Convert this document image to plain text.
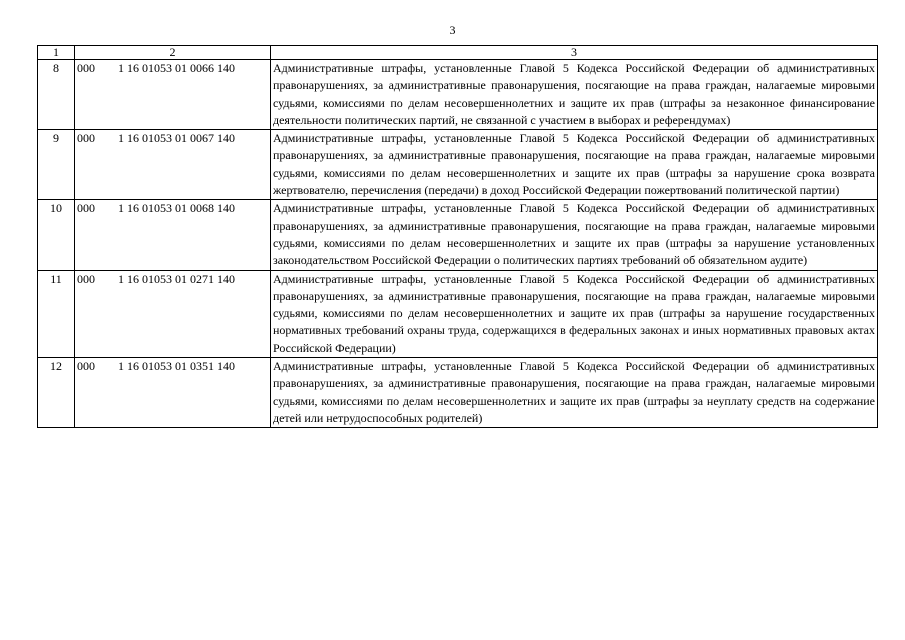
3
1	2	3
8	000 1 16 01053 01 0066 140	Административные штрафы, установленные Главой 5 Кодекса Российской Федерации об административных правонарушениях, за административные правонарушения, посягающие на права граждан, налагаемые мировыми судьями, комиссиями по делам несовершеннолетних и защите их прав (штрафы за незаконное финансирование деятельности политических партий, не связанной с участием в выборах и референдумах)
9	000 1 16 01053 01 0067 140	Административные штрафы, установленные Главой 5 Кодекса Российской Федерации об административных правонарушениях, за административные правонарушения, посягающие на права граждан, налагаемые мировыми судьями, комиссиями по делам несовершеннолетних и защите их прав (штрафы за нарушение срока возврата жертвователю, перечисления (передачи) в доход Российской Федерации пожертвований политической партии)
10	000 1 16 01053 01 0068 140	Административные штрафы, установленные Главой 5 Кодекса Российской Федерации об административных правонарушениях, за административные правонарушения, посягающие на права граждан, налагаемые мировыми судьями, комиссиями по делам несовершеннолетних и защите их прав (штрафы за нарушение установленных законодательством Российской Федерации о политических партиях требований об обязательном аудите)
11	000 1 16 01053 01 0271 140	Административные штрафы, установленные Главой 5 Кодекса Российской Федерации об административных правонарушениях, за административные правонарушения, посягающие на права граждан, налагаемые мировыми судьями, комиссиями по делам несовершеннолетних и защите их прав (штрафы за нарушение государственных нормативных требований охраны труда, содержащихся в федеральных законах и иных нормативных правовых актах Российской Федерации)
12	000 1 16 01053 01 0351 140	Административные штрафы, установленные Главой 5 Кодекса Российской Федерации об административных правонарушениях, за административные правонарушения, посягающие на права граждан, налагаемые мировыми судьями, комиссиями по делам несовершеннолетних и защите их прав (штрафы за неуплату средств на содержание детей или нетрудоспособных родителей)
